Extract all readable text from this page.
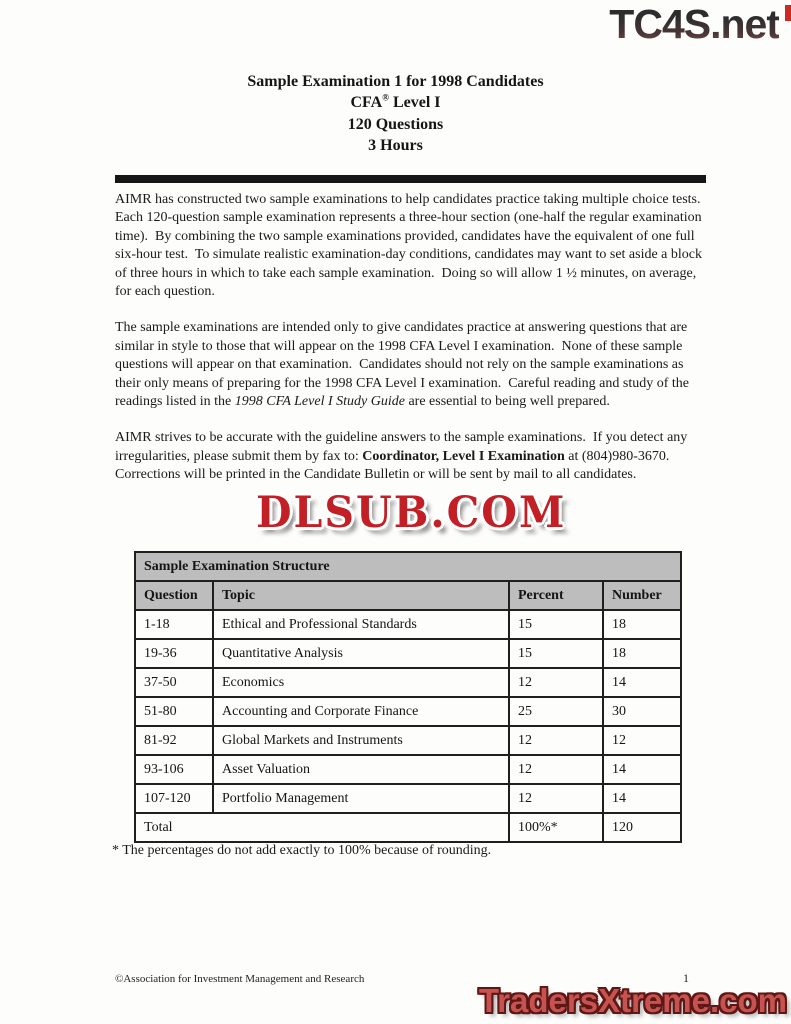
TC4S.net
Sample Examination 1 for 1998 Candidates
CFA® Level I
120 Questions
3 Hours

AIMR has constructed two sample examinations to help candidates practice taking multiple choice tests.  Each 120-question sample examination represents a three-hour section (one-half the regular examination time).  By combining the two sample examinations provided, candidates have the equivalent of one full six-hour test.  To simulate realistic examination-day conditions, candidates may want to set aside a block of three hours in which to take each sample examination.  Doing so will allow 1 ½ minutes, on average, for each question.

The sample examinations are intended only to give candidates practice at answering questions that are similar in style to those that will appear on the 1998 CFA Level I examination.  None of these sample questions will appear on that examination.  Candidates should not rely on the sample examinations as their only means of preparing for the 1998 CFA Level I examination.  Careful reading and study of the readings listed in the 1998 CFA Level I Study Guide are essential to being well prepared.

AIMR strives to be accurate with the guideline answers to the sample examinations.  If you detect any irregularities, please submit them by fax to: Coordinator, Level I Examination at (804)980-3670.  Corrections will be printed in the Candidate Bulletin or will be sent by mail to all candidates.

DLSUB.COM
Sample Examination Structure			
Question	Topic	Percent	Number
1-18	Ethical and Professional Standards	15	18
19-36	Quantitative Analysis	15	18
37-50	Economics	12	14
51-80	Accounting and Corporate Finance	25	30
81-92	Global Markets and Instruments	12	12
93-106	Asset Valuation	12	14
107-120	Portfolio Management	12	14
Total		100%*	120
* The percentages do not add exactly to 100% because of rounding.
©Association for Investment Management and Research	1
TradersXtreme.com
